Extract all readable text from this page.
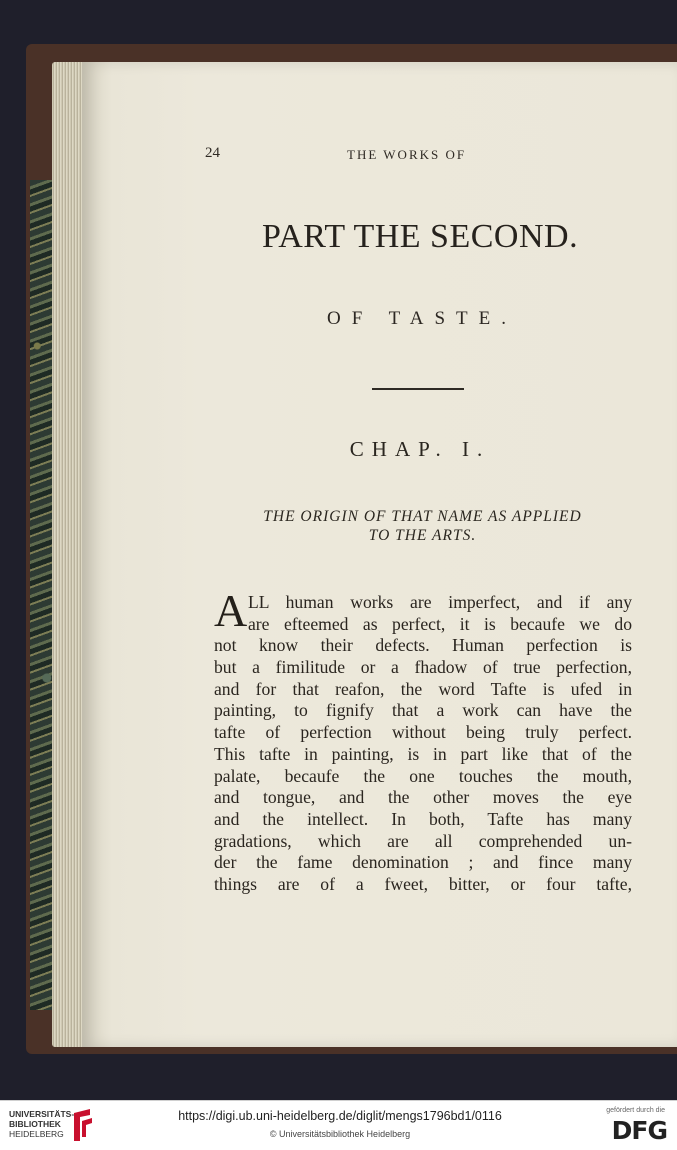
24	THE WORKS OF
PART THE SECOND.
OF TASTE.
CHAP. I.
THE ORIGIN OF THAT NAME AS APPLIED
TO THE ARTS.
A LL human works are imperfect, and if any
are efteemed as perfect, it is becaufe we do
not know their defects. Human perfection is
but a fimilitude or a fhadow of true perfection,
and for that reafon, the word Tafte is ufed in
painting, to fignify that a work can have the
tafte of perfection without being truly perfect.
This tafte in painting, is in part like that of the
palate, becaufe the one touches the mouth,
and tongue, and the other moves the eye
and the intellect. In both, Tafte has many
gradations, which are all comprehended un-
der the fame denomination ; and fince many
things are of a fweet, bitter, or four tafte,
UNIVERSITÄTS-
BIBLIOTHEK
HEIDELBERG
https://digi.ub.uni-heidelberg.de/diglit/mengs1796bd1/0116
© Universitätsbibliothek Heidelberg
gefördert durch die
DFG
